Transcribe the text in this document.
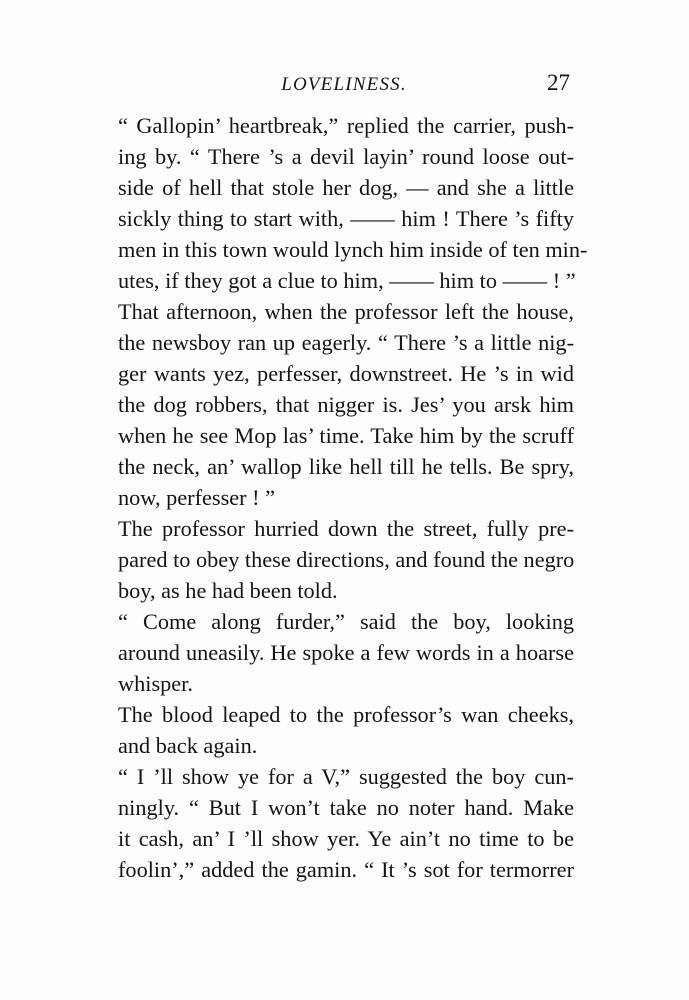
LOVELINESS.	27
“ Gallopin’ heartbreak,” replied the carrier, push-
ing by. “ There ’s a devil layin’ round loose out-
side of hell that stole her dog, — and she a little
sickly thing to start with, —— him ! There ’s fifty
men in this town would lynch him inside of ten min-
utes, if they got a clue to him, —— him to —— ! ”
That afternoon, when the professor left the house,
the newsboy ran up eagerly. “ There ’s a little nig-
ger wants yez, perfesser, downstreet. He ’s in wid
the dog robbers, that nigger is. Jes’ you arsk him
when he see Mop las’ time. Take him by the scruff
the neck, an’ wallop like hell till he tells. Be spry,
now, perfesser ! ”
The professor hurried down the street, fully pre-
pared to obey these directions, and found the negro
boy, as he had been told.
“ Come along furder,” said the boy, looking
around uneasily. He spoke a few words in a hoarse
whisper.
The blood leaped to the professor’s wan cheeks,
and back again.
“ I ’ll show ye for a V,” suggested the boy cun-
ningly. “ But I won’t take no noter hand. Make
it cash, an’ I ’ll show yer. Ye ain’t no time to be
foolin’,” added the gamin. “ It ’s sot for termorrer
